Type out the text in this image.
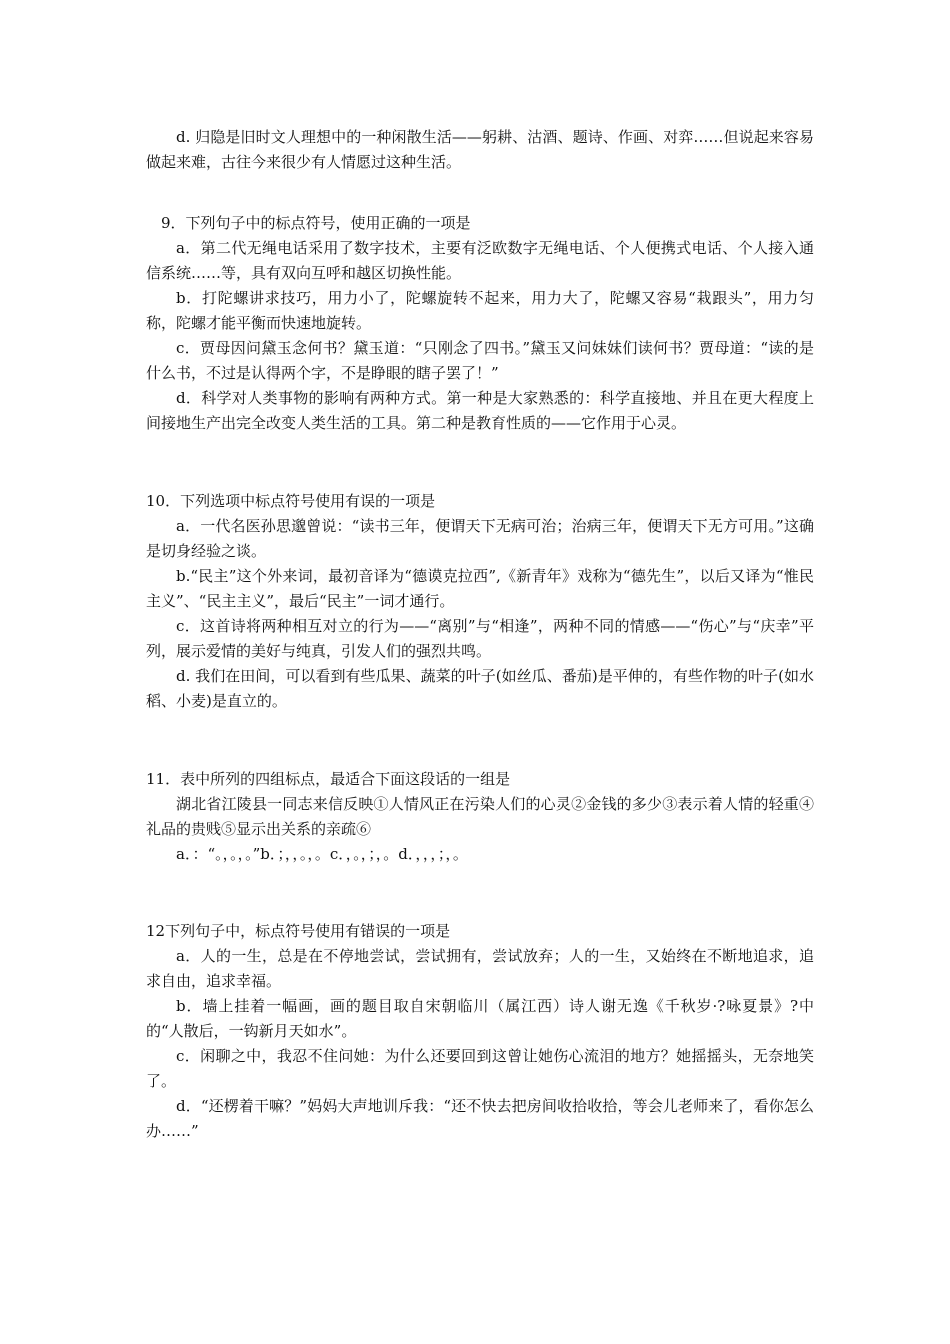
d. 归隐是旧时文人理想中的一种闲散生活——躬耕、沽酒、题诗、作画、对弈……但说起来容易做起来难，古往今来很少有人情愿过这种生活。

9．下列句子中的标点符号，使用正确的一项是

a．第二代无绳电话采用了数字技术，主要有泛欧数字无绳电话、个人便携式电话、个人接入通信系统……等，具有双向互呼和越区切换性能。

b．打陀螺讲求技巧，用力小了，陀螺旋转不起来，用力大了，陀螺又容易“栽跟头”，用力匀称，陀螺才能平衡而快速地旋转。

c．贾母因问黛玉念何书？黛玉道：“只刚念了四书。”黛玉又问妹妹们读何书？贾母道：“读的是什么书，不过是认得两个字，不是睁眼的瞎子罢了！”

d．科学对人类事物的影响有两种方式。第一种是大家熟悉的：科学直接地、并且在更大程度上间接地生产出完全改变人类生活的工具。第二种是教育性质的——它作用于心灵。

10．下列选项中标点符号使用有误的一项是

a．一代名医孙思邈曾说：“读书三年，便谓天下无病可治；治病三年，便谓天下无方可用。”这确是切身经验之谈。

b.“民主”这个外来词，最初音译为“德谟克拉西”,《新青年》戏称为“德先生”，以后又译为“惟民主义”、“民主主义”，最后“民主”一词才通行。

c．这首诗将两种相互对立的行为——“离别”与“相逢”，两种不同的情感——“伤心”与“庆幸”平列，展示爱情的美好与纯真，引发人们的强烈共鸣。

d. 我们在田间，可以看到有些瓜果、蔬菜的叶子(如丝瓜、番茄)是平伸的，有些作物的叶子(如水稻、小麦)是直立的。

11．表中所列的四组标点，最适合下面这段话的一组是

湖北省江陵县一同志来信反映①人情风正在污染人们的心灵②金钱的多少③表示着人情的轻重④礼品的贵贱⑤显示出关系的亲疏⑥

a．：“。，。，。”b．；，，。，。c．，。，；，。d．，，，；，。

12下列句子中，标点符号使用有错误的一项是

a．人的一生，总是在不停地尝试，尝试拥有，尝试放弃；人的一生，又始终在不断地追求，追求自由，追求幸福。

b．墙上挂着一幅画，画的题目取自宋朝临川（属江西）诗人谢无逸《千秋岁·?咏夏景》?中的“人散后，一钩新月天如水”。

c．闲聊之中，我忍不住问她：为什么还要回到这曾让她伤心流泪的地方？她摇摇头，无奈地笑了。

d．“还楞着干嘛？”妈妈大声地训斥我：“还不快去把房间收拾收拾，等会儿老师来了，看你怎么办……”
